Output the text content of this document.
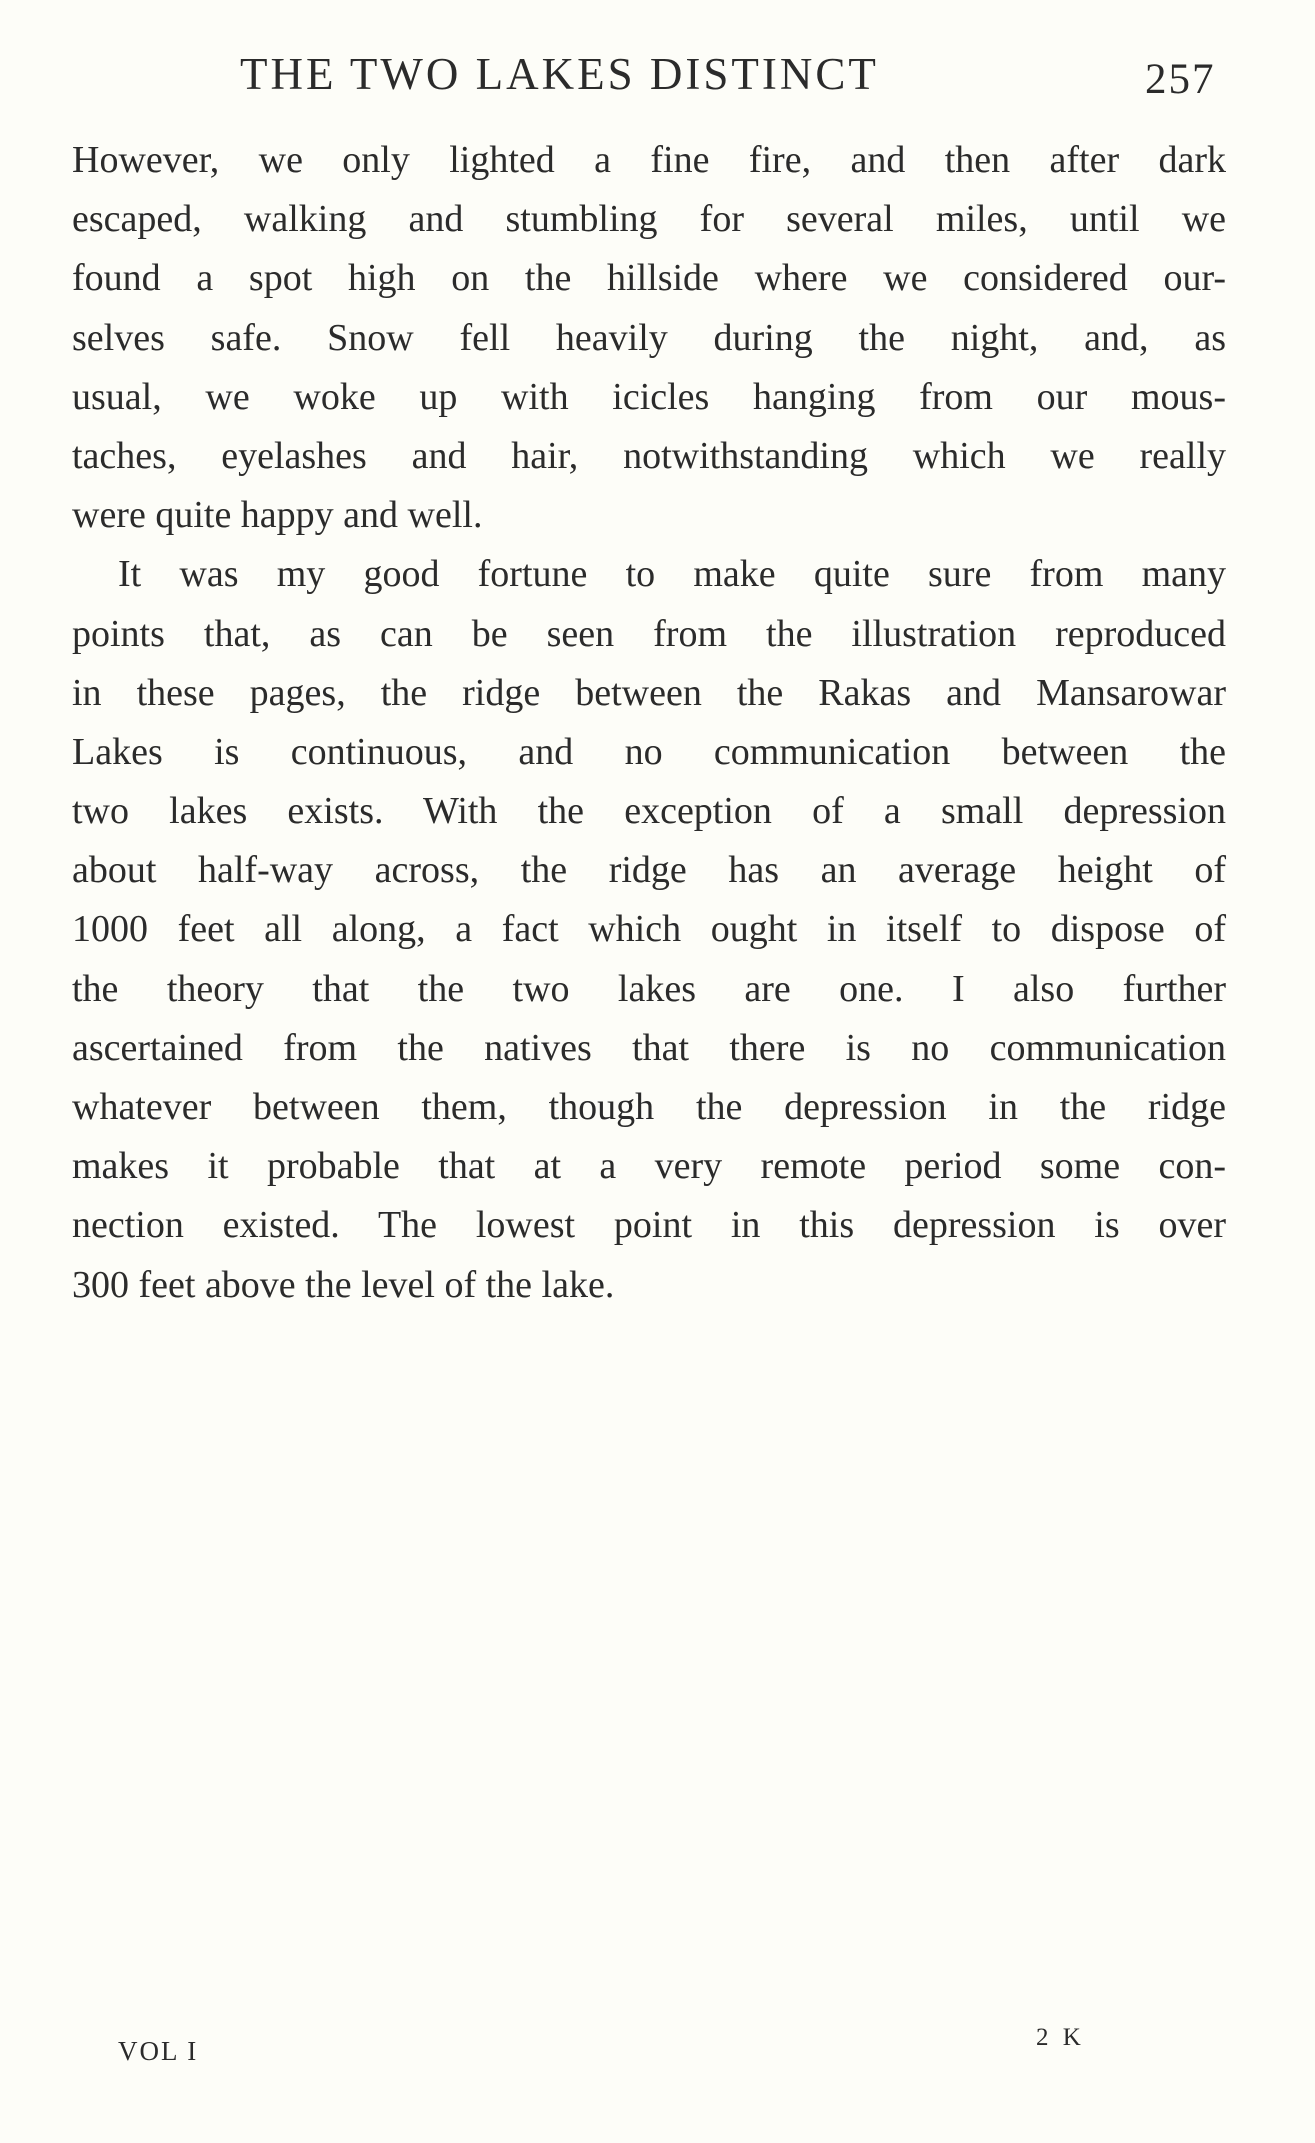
THE TWO LAKES DISTINCT	257
However, we only lighted a fine fire, and then after dark
escaped, walking and stumbling for several miles, until we
found a spot high on the hillside where we considered our-
selves safe. Snow fell heavily during the night, and, as
usual, we woke up with icicles hanging from our mous-
taches, eyelashes and hair, notwithstanding which we really
were quite happy and well.
It was my good fortune to make quite sure from many
points that, as can be seen from the illustration reproduced
in these pages, the ridge between the Rakas and Mansarowar
Lakes is continuous, and no communication between the
two lakes exists. With the exception of a small depression
about half-way across, the ridge has an average height of
1000 feet all along, a fact which ought in itself to dispose of
the theory that the two lakes are one. I also further
ascertained from the natives that there is no communication
whatever between them, though the depression in the ridge
makes it probable that at a very remote period some con-
nection existed. The lowest point in this depression is over
300 feet above the level of the lake.
VOL I	2 K
